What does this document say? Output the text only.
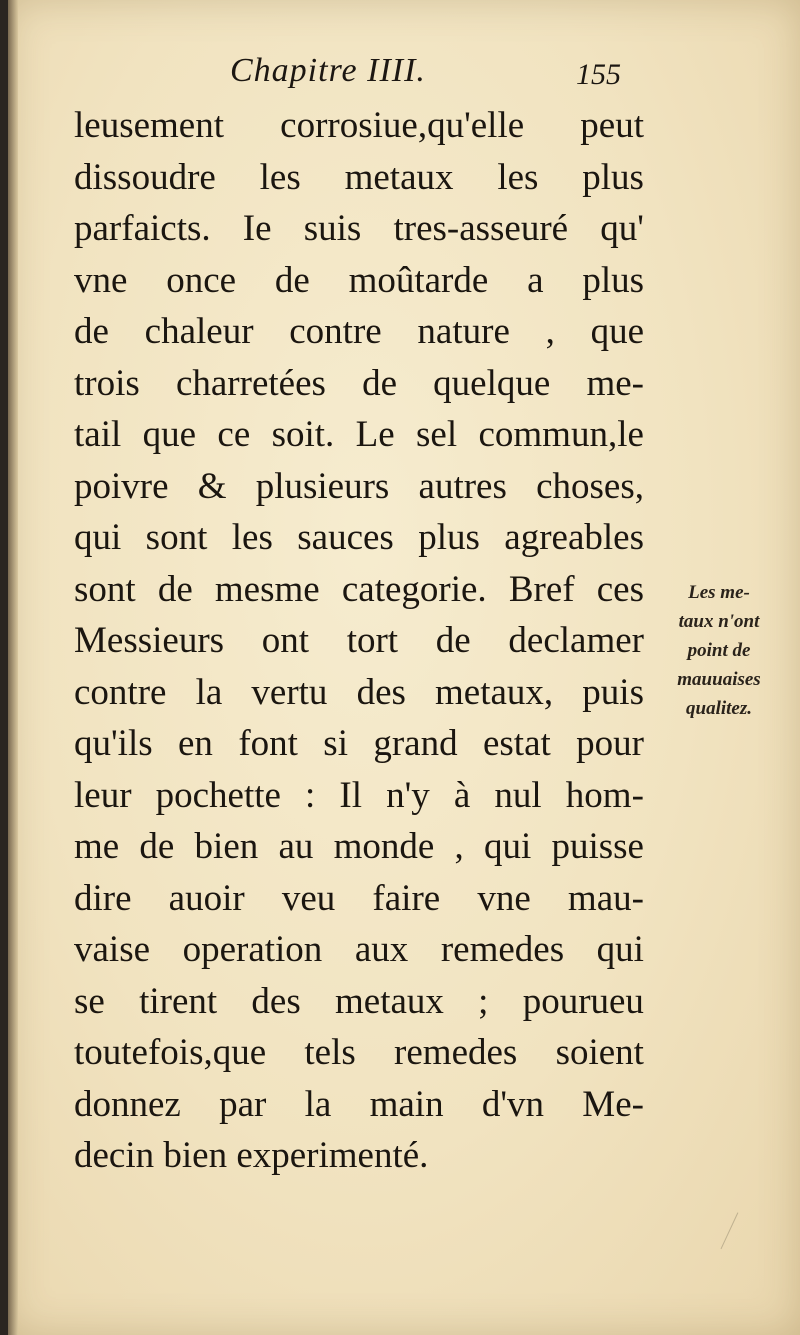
Chapitre IIII.	155
leusement corrosiue,qu'elle peut
dissoudre les metaux les plus
parfaicts. Ie suis tres-asseuré qu'
vne once de moûtarde a plus
de chaleur contre nature , que
trois charretées de quelque me-
tail que ce soit. Le sel commun,le
poivre & plusieurs autres choses,
qui sont les sauces plus agreables
sont de mesme categorie. Bref ces
Messieurs ont tort de declamer
contre la vertu des metaux, puis
qu'ils en font si grand estat pour
leur pochette : Il n'y à nul hom-
me de bien au monde , qui puisse
dire auoir veu faire vne mau-
vaise operation aux remedes qui
se tirent des metaux ; pourueu
toutefois,que tels remedes soient
donnez par la main d'vn Me-
decin bien experimenté.
Les me-
taux n'ont
point de
mauuaises
qualitez.
